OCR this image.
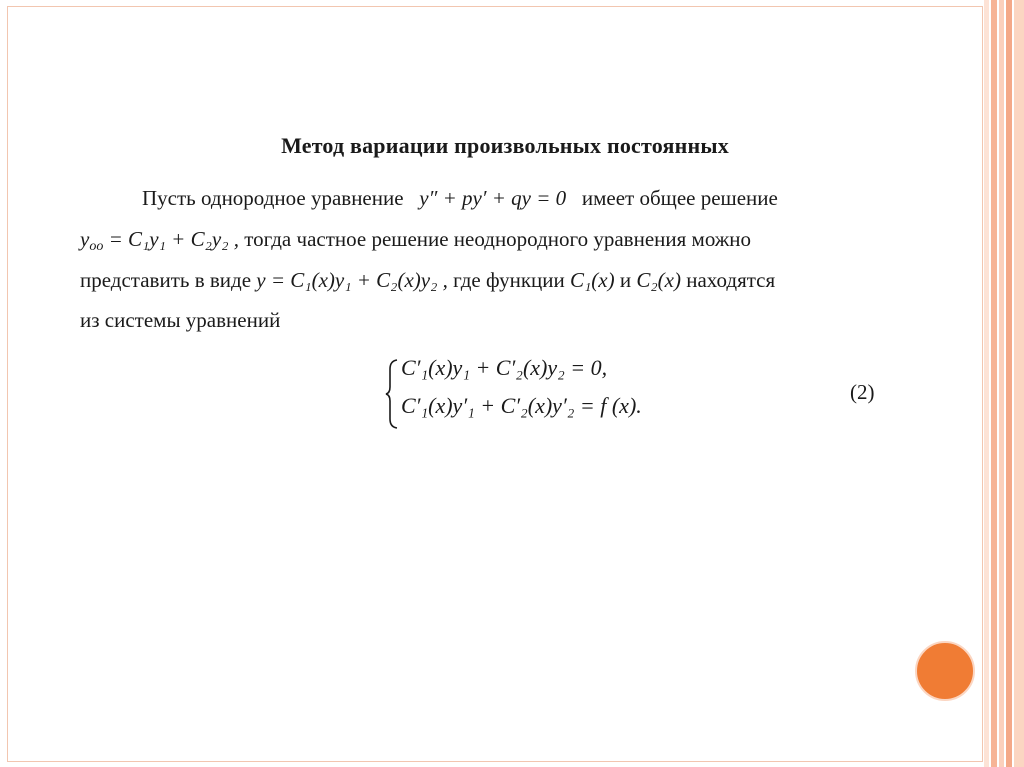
Метод вариации произвольных постоянных
Пусть однородное уравнение y″ + py′ + qy = 0 имеет общее решение
$y_{oo} = C_1y_1 + C_2y_2$ , тогда частное решение неоднородного уравнения можно
представить в виде y = C₁(x)y₁ + C₂(x)y₂ , где функции C₁(x) и C₂(x) находятся
из системы уравнений
C′₁(x)y₁ + C′₂(x)y₂ = 0,
C′₁(x)y′₁ + C′₂(x)y′₂ = f (x).
(2)
